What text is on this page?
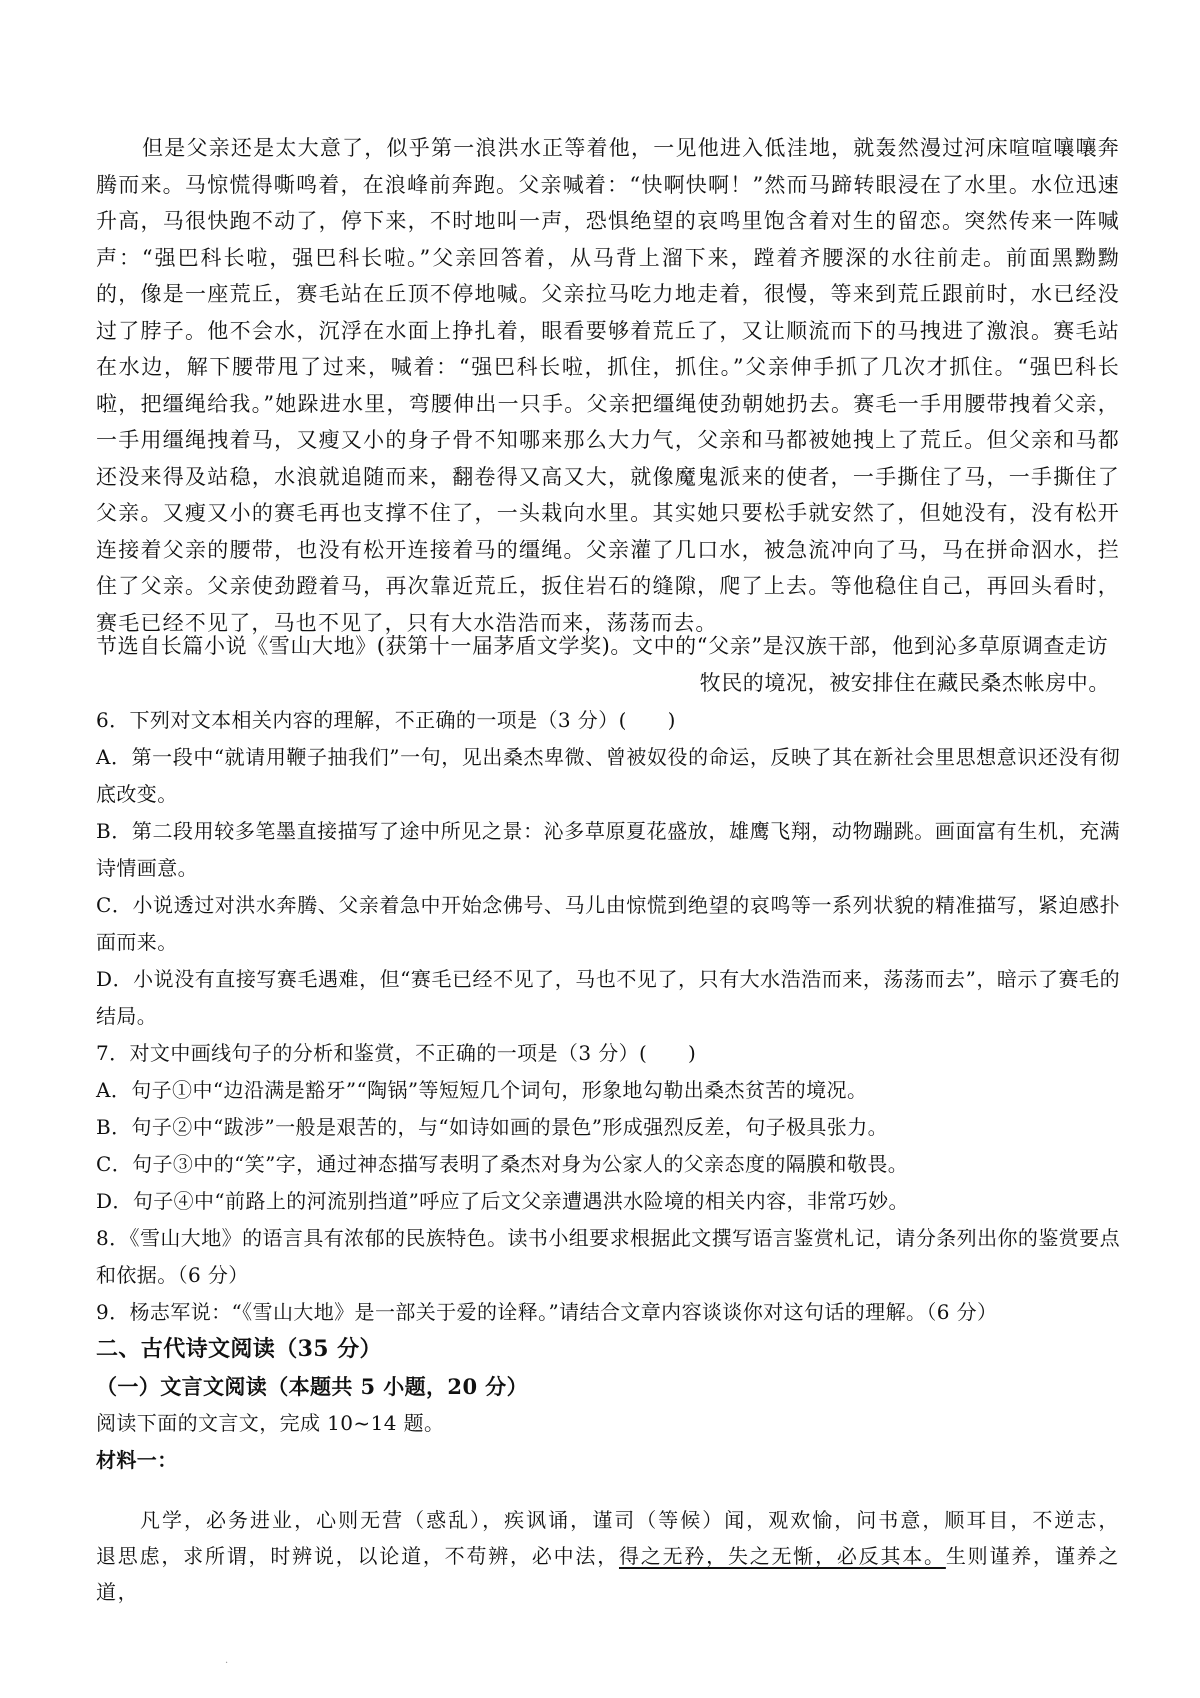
但是父亲还是太大意了，似乎第一浪洪水正等着他，一见他进入低洼地，就轰然漫过河床喧喧嚷嚷奔腾而来。马惊慌得嘶鸣着，在浪峰前奔跑。父亲喊着：“快啊快啊！”然而马蹄转眼浸在了水里。水位迅速升高，马很快跑不动了，停下来，不时地叫一声，恐惧绝望的哀鸣里饱含着对生的留恋。突然传来一阵喊声：“强巴科长啦，强巴科长啦。”父亲回答着，从马背上溜下来，蹚着齐腰深的水往前走。前面黑黝黝的，像是一座荒丘，赛毛站在丘顶不停地喊。父亲拉马吃力地走着，很慢，等来到荒丘跟前时，水已经没过了脖子。他不会水，沉浮在水面上挣扎着，眼看要够着荒丘了，又让顺流而下的马拽进了激浪。赛毛站在水边，解下腰带甩了过来，喊着：“强巴科长啦，抓住，抓住。”父亲伸手抓了几次才抓住。“强巴科长啦，把缰绳给我。”她跺进水里，弯腰伸出一只手。父亲把缰绳使劲朝她扔去。赛毛一手用腰带拽着父亲，一手用缰绳拽着马，又瘦又小的身子骨不知哪来那么大力气，父亲和马都被她拽上了荒丘。但父亲和马都还没来得及站稳，水浪就追随而来，翻卷得又高又大，就像魔鬼派来的使者，一手撕住了马，一手撕住了父亲。又瘦又小的赛毛再也支撑不住了，一头栽向水里。其实她只要松手就安然了，但她没有，没有松开连接着父亲的腰带，也没有松开连接着马的缰绳。父亲灌了几口水，被急流冲向了马，马在拼命泅水，拦住了父亲。父亲使劲蹬着马，再次靠近荒丘，扳住岩石的缝隙，爬了上去。等他稳住自己，再回头看时，赛毛已经不见了，马也不见了，只有大水浩浩而来，荡荡而去。

节选自长篇小说《雪山大地》(获第十一届茅盾文学奖)。文中的“父亲”是汉族干部，他到沁多草原调查走访
牧民的境况，被安排住在藏民桑杰帐房中。
6．下列对文本相关内容的理解，不正确的一项是（3 分）(　　)
A．第一段中“就请用鞭子抽我们”一句，见出桑杰卑微、曾被奴役的命运，反映了其在新社会里思想意识还没有彻底改变。
B．第二段用较多笔墨直接描写了途中所见之景：沁多草原夏花盛放，雄鹰飞翔，动物蹦跳。画面富有生机，充满诗情画意。
C．小说透过对洪水奔腾、父亲着急中开始念佛号、马儿由惊慌到绝望的哀鸣等一系列状貌的精准描写，紧迫感扑面而来。
D．小说没有直接写赛毛遇难，但“赛毛已经不见了，马也不见了，只有大水浩浩而来，荡荡而去”，暗示了赛毛的结局。
7．对文中画线句子的分析和鉴赏，不正确的一项是（3 分）(　　)
A．句子①中“边沿满是豁牙”“陶锅”等短短几个词句，形象地勾勒出桑杰贫苦的境况。
B．句子②中“跋涉”一般是艰苦的，与“如诗如画的景色”形成强烈反差，句子极具张力。
C．句子③中的“笑”字，通过神态描写表明了桑杰对身为公家人的父亲态度的隔膜和敬畏。
D．句子④中“前路上的河流别挡道”呼应了后文父亲遭遇洪水险境的相关内容，非常巧妙。
8．《雪山大地》的语言具有浓郁的民族特色。读书小组要求根据此文撰写语言鉴赏札记，请分条列出你的鉴赏要点和依据。（6 分）
9．杨志军说：“《雪山大地》是一部关于爱的诠释。”请结合文章内容谈谈你对这句话的理解。（6 分）
二、古代诗文阅读（35 分）
（一）文言文阅读（本题共 5 小题，20 分）
阅读下面的文言文，完成 10~14 题。
材料一：

凡学，必务进业，心则无营（惑乱），疾讽诵，谨司（等候）闻，观欢愉，问书意，顺耳目，不逆志，退思虑，求所谓，时辨说，以论道，不苟辨，必中法，得之无矜，失之无惭，必反其本。生则谨养，谨养之道，

·
